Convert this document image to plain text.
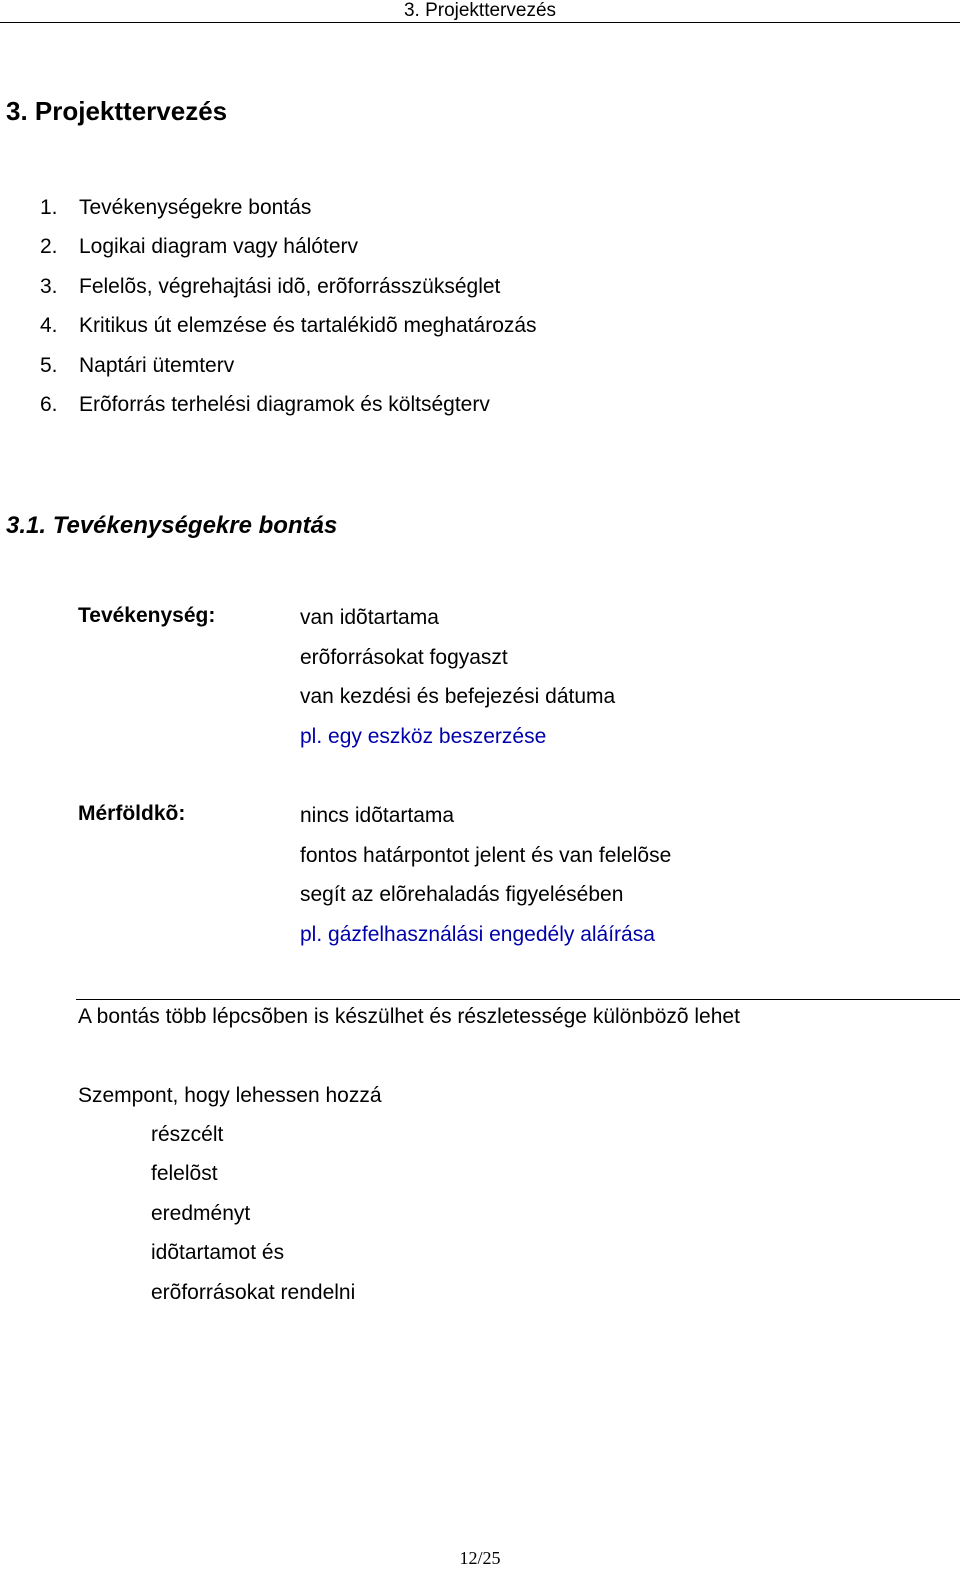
3. Projekttervezés
3. Projekttervezés
1. Tevékenységekre bontás
2. Logikai diagram vagy hálóterv
3. Felelõs, végrehajtási idõ, erõforrásszükséglet
4. Kritikus út elemzése és tartalékidõ meghatározás
5. Naptári ütemterv
6. Erõforrás terhelési diagramok és költségterv
3.1. Tevékenységekre bontás
Tevékenység:	van idõtartama
erõforrásokat fogyaszt
van kezdési és befejezési dátuma
pl. egy eszköz beszerzése
Mérföldkõ:	nincs idõtartama
fontos határpontot jelent és van felelõse
segít az elõrehaladás figyelésében
pl. gázfelhasználási engedély aláírása
A bontás több lépcsõben is készülhet és részletessége különbözõ lehet
Szempont, hogy lehessen hozzá
részcélt
felelõst
eredményt
idõtartamot és
erõforrásokat rendelni
12/25
